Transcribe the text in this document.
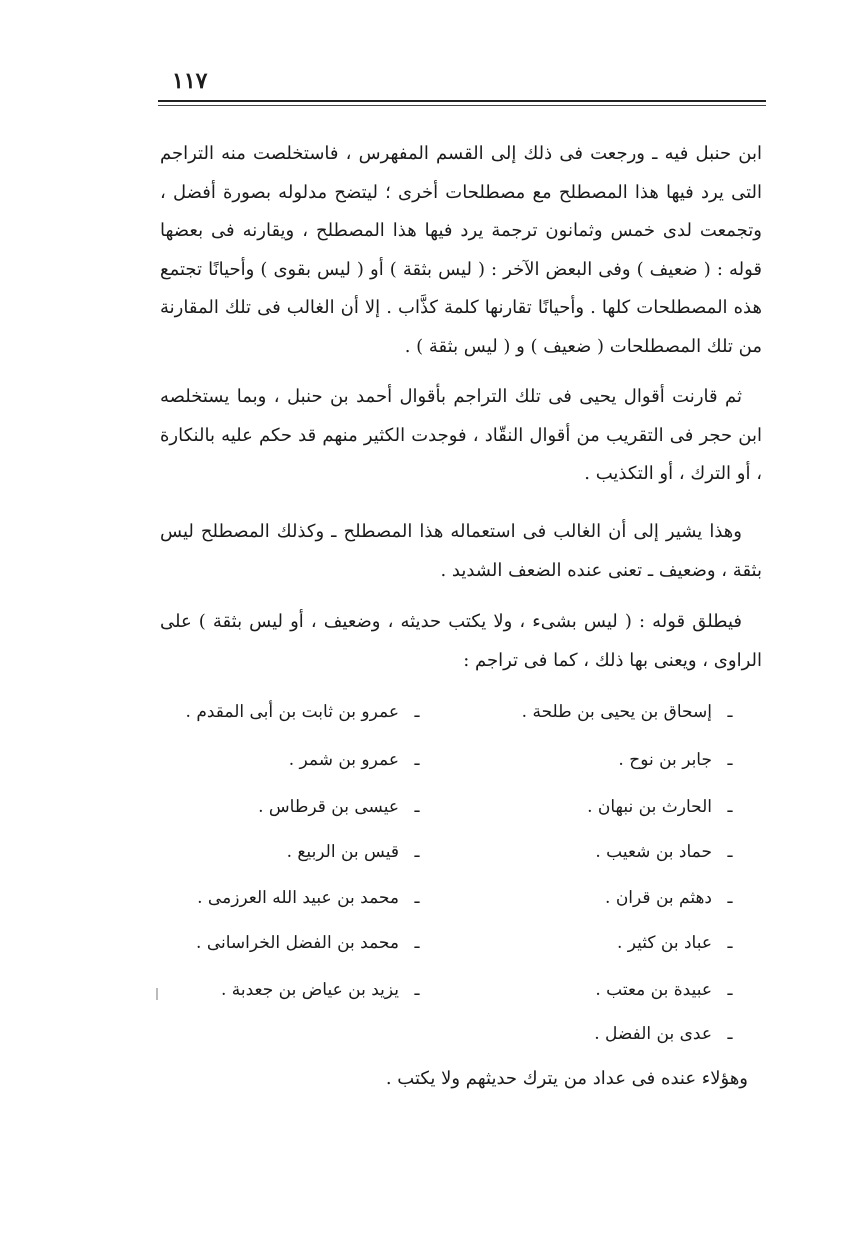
١١٧

ابن حنبل فيه ـ ورجعت فى ذلك إلى القسم المفهرس ، فاستخلصت منه التراجم التى يرد فيها هذا المصطلح مع مصطلحات أخرى ؛ ليتضح مدلوله بصورة أفضل ، وتجمعت لدى خمس وثمانون ترجمة يرد فيها هذا المصطلح ، ويقارنه فى بعضها قوله : ( ضعيف ) وفى البعض الآخر : ( ليس بثقة ) أو ( ليس بقوى ) وأحيانًا تجتمع هذه المصطلحات كلها . وأحيانًا تقارنها كلمة كذَّاب . إلا أن الغالب فى تلك المقارنة من تلك المصطلحات ( ضعيف ) و ( ليس بثقة ) .

ثم قارنت أقوال يحيى فى تلك التراجم بأقوال أحمد بن حنبل ، وبما يستخلصه ابن حجر فى التقريب من أقوال النقّاد ، فوجدت الكثير منهم قد حكم عليه بالنكارة ، أو الترك ، أو التكذيب .

وهذا يشير إلى أن الغالب فى استعماله هذا المصطلح ـ وكذلك المصطلح ليس بثقة ، وضعيف ـ تعنى عنده الضعف الشديد .

فيطلق قوله : ( ليس بشىء ، ولا يكتب حديثه ، وضعيف ، أو ليس بثقة ) على الراوى ، ويعنى بها ذلك ، كما فى تراجم :

ـإسحاق بن يحيى بن طلحة .
ـعمرو بن ثابت بن أبى المقدم .
ـجابر بن نوح .
ـعمرو بن شمر .
ـالحارث بن نبهان .
ـعيسى بن قرطاس .
ـحماد بن شعيب .
ـقيس بن الربيع .
ـدهثم بن قران .
ـمحمد بن عبيد الله العرزمى .
ـعباد بن كثير .
ـمحمد بن الفضل الخراسانى .
ـعبيدة بن معتب .
ـيزيد بن عياض بن جعدبة .
ـعدى بن الفضل .
وهؤلاء عنده فى عداد من يترك حديثهم ولا يكتب .
